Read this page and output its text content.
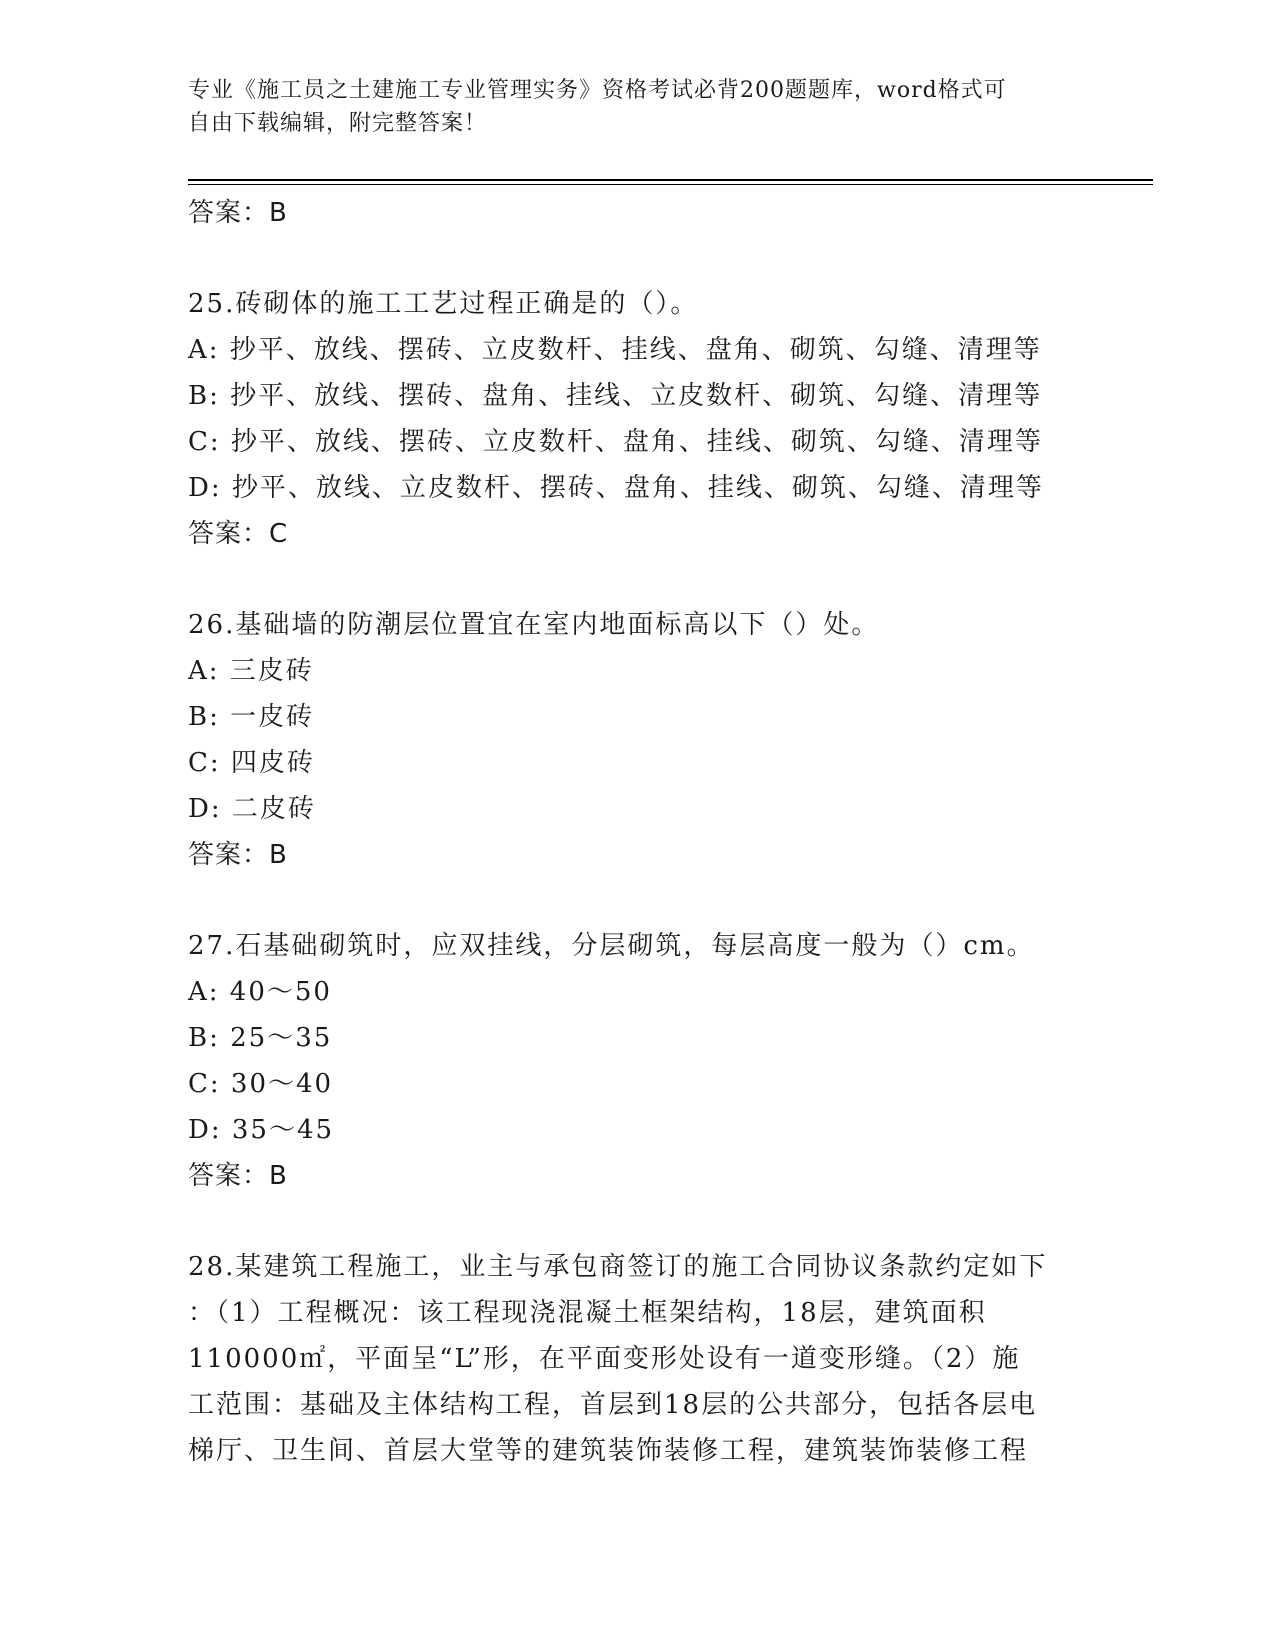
专业《施工员之土建施工专业管理实务》资格考试必背200题题库，word格式可
自由下载编辑，附完整答案！
答案：B
25.砖砌体的施工工艺过程正确是的（）。
A: 抄平、放线、摆砖、立皮数杆、挂线、盘角、砌筑、勾缝、清理等
B: 抄平、放线、摆砖、盘角、挂线、立皮数杆、砌筑、勾缝、清理等
C: 抄平、放线、摆砖、立皮数杆、盘角、挂线、砌筑、勾缝、清理等
D: 抄平、放线、立皮数杆、摆砖、盘角、挂线、砌筑、勾缝、清理等
答案：C
26.基础墙的防潮层位置宜在室内地面标高以下（）处。
A: 三皮砖
B: 一皮砖
C: 四皮砖
D: 二皮砖
答案：B
27.石基础砌筑时，应双挂线，分层砌筑，每层高度一般为（）cm。
A: 40～50
B: 25～35
C: 30～40
D: 35～45
答案：B
28.某建筑工程施工，业主与承包商签订的施工合同协议条款约定如下
：（1）工程概况：该工程现浇混凝土框架结构，18层，建筑面积
110000㎡，平面呈“L”形，在平面变形处设有一道变形缝。（2）施
工范围：基础及主体结构工程，首层到18层的公共部分，包括各层电
梯厅、卫生间、首层大堂等的建筑装饰装修工程，建筑装饰装修工程
